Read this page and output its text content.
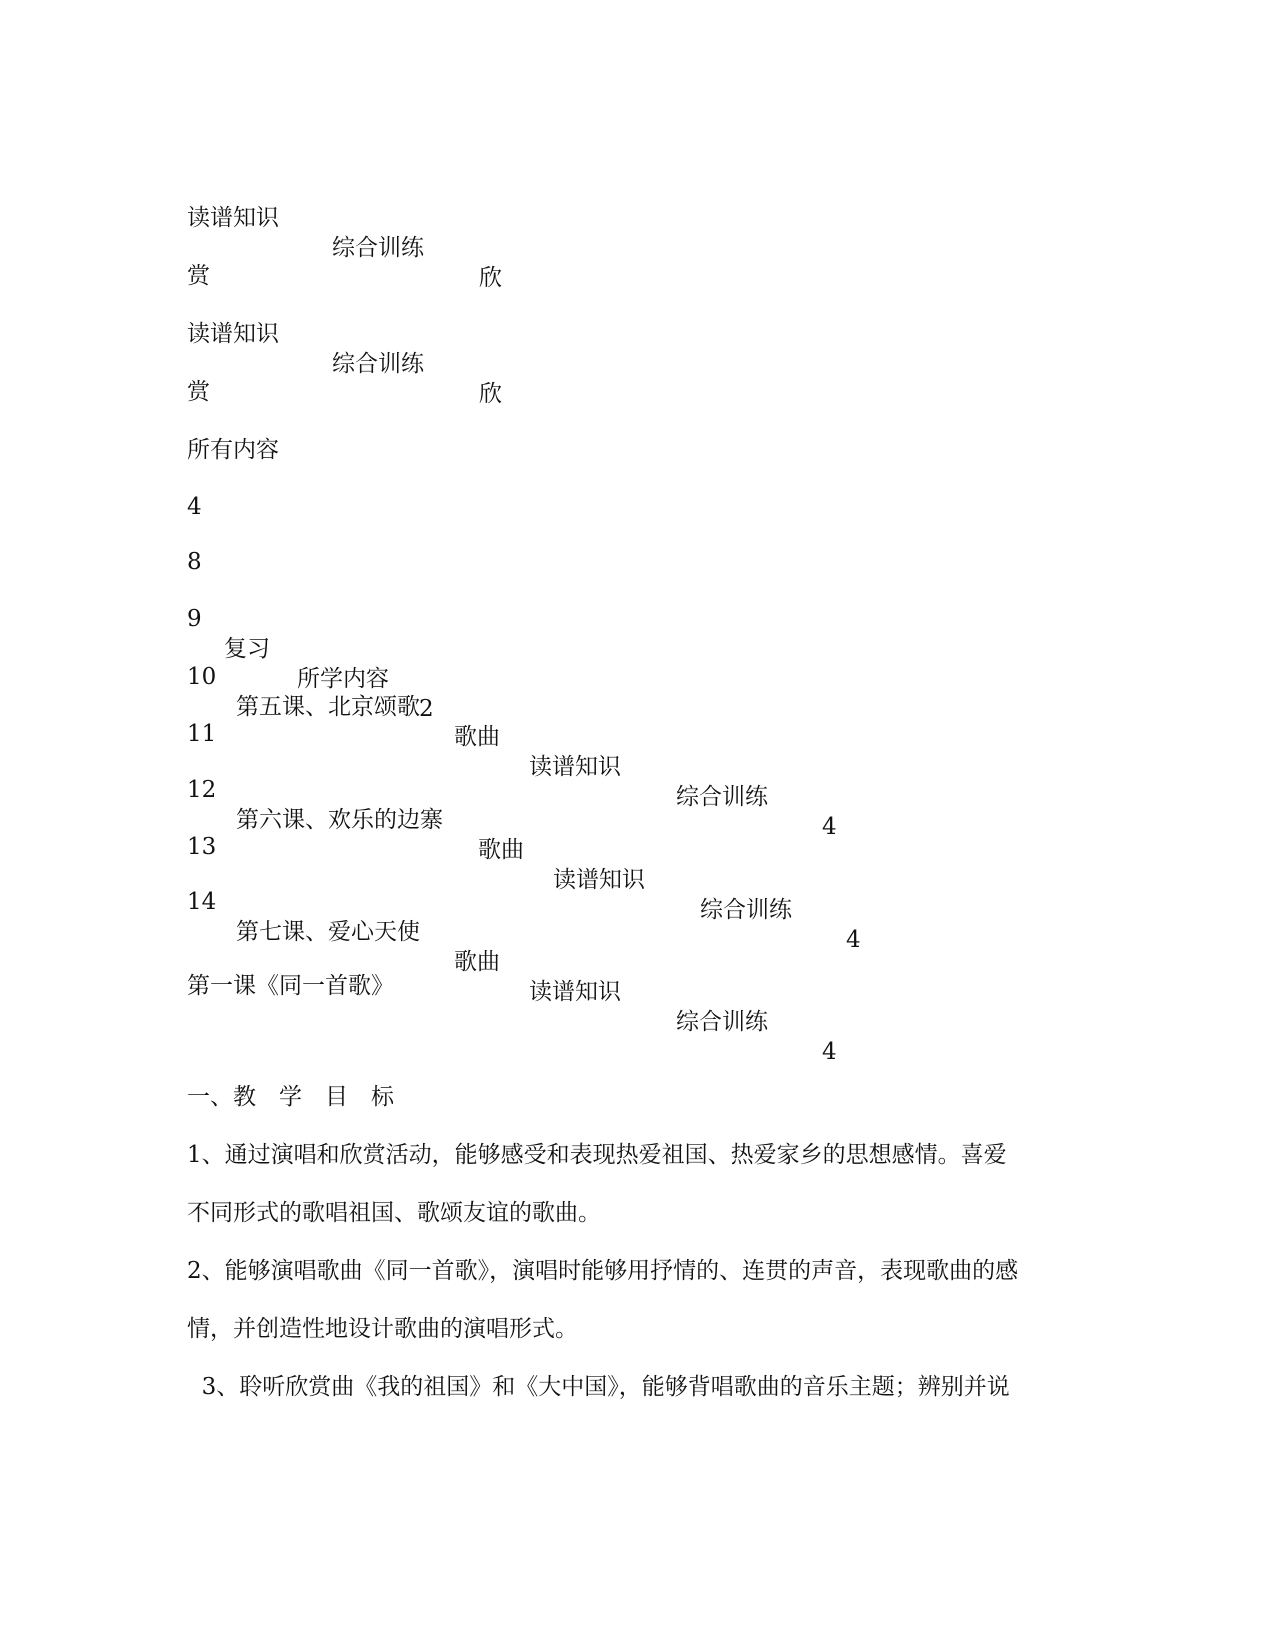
读谱知识

综合训练

欣

赏

读谱知识

综合训练

欣

赏

所有内容

4

8

9

复习

所学内容

2

10

第五课、北京颂歌

歌曲

读谱知识

综合训练

4

11

12

第六课、欢乐的边寨

歌曲

读谱知识

综合训练

4

13

14

第七课、爱心天使

歌曲

读谱知识

综合训练

4

第一课《同一首歌》
一、教　学　目　标
1、通过演唱和欣赏活动，能够感受和表现热爱祖国、热爱家乡的思想感情。喜爱
不同形式的歌唱祖国、歌颂友谊的歌曲。
2、能够演唱歌曲《同一首歌》，演唱时能够用抒情的、连贯的声音，表现歌曲的感
情，并创造性地设计歌曲的演唱形式。
3、聆听欣赏曲《我的祖国》和《大中国》，能够背唱歌曲的音乐主题；辨别并说
